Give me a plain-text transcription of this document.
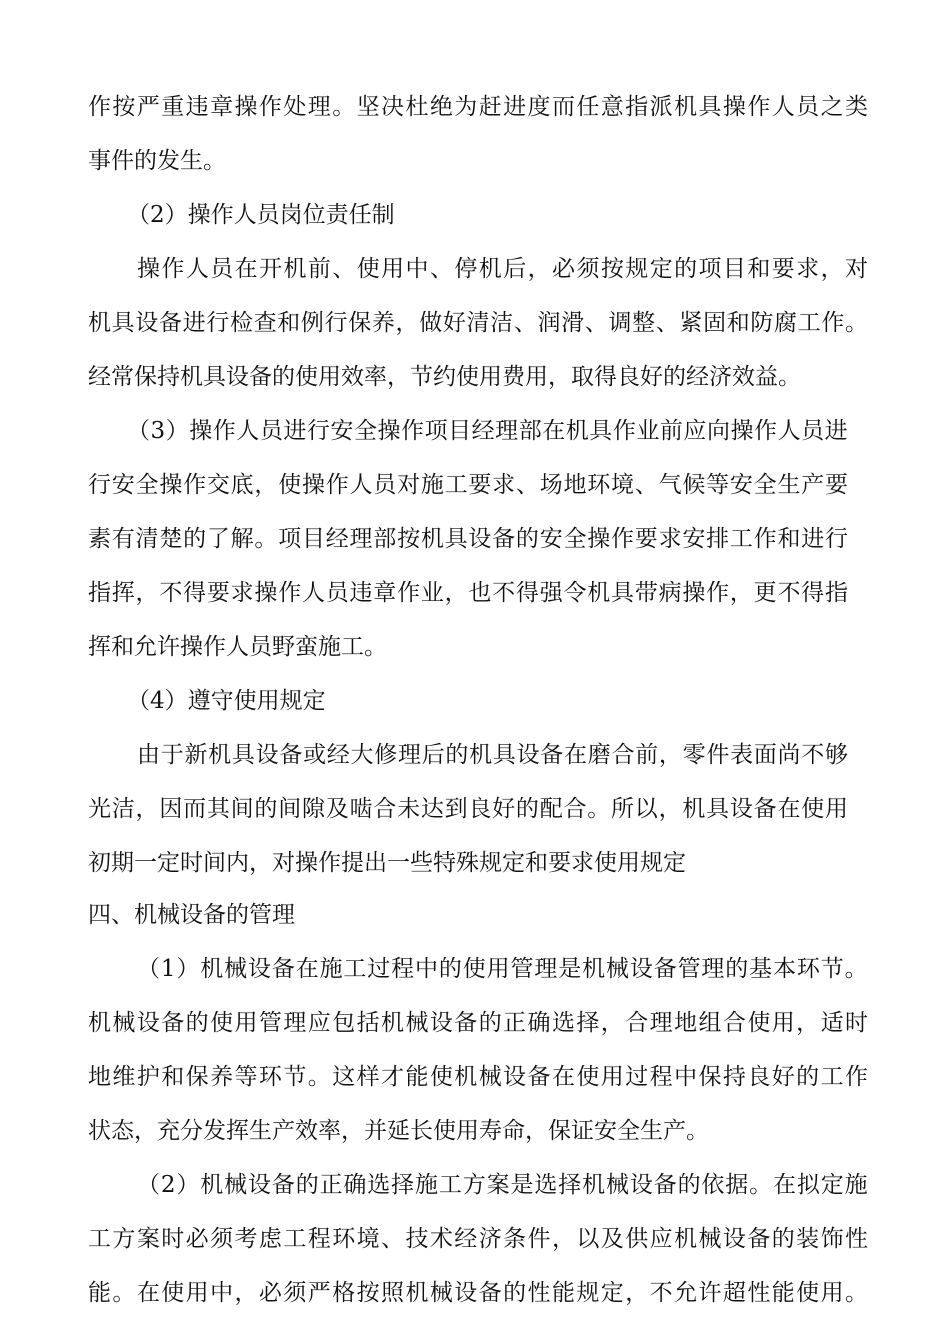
作按严重违章操作处理。坚决杜绝为赶进度而任意指派机具操作人员之类
事件的发生。
（2）操作人员岗位责任制
操作人员在开机前、使用中、停机后，必须按规定的项目和要求，对
机具设备进行检查和例行保养，做好清洁、润滑、调整、紧固和防腐工作。
经常保持机具设备的使用效率，节约使用费用，取得良好的经济效益。
（3）操作人员进行安全操作项目经理部在机具作业前应向操作人员进
行安全操作交底，使操作人员对施工要求、场地环境、气候等安全生产要
素有清楚的了解。项目经理部按机具设备的安全操作要求安排工作和进行
指挥，不得要求操作人员违章作业，也不得强令机具带病操作，更不得指
挥和允许操作人员野蛮施工。
（4）遵守使用规定
由于新机具设备或经大修理后的机具设备在磨合前，零件表面尚不够
光洁，因而其间的间隙及啮合未达到良好的配合。所以，机具设备在使用
初期一定时间内，对操作提出一些特殊规定和要求使用规定
四、机械设备的管理
（1）机械设备在施工过程中的使用管理是机械设备管理的基本环节。
机械设备的使用管理应包括机械设备的正确选择，合理地组合使用，适时
地维护和保养等环节。这样才能使机械设备在使用过程中保持良好的工作
状态，充分发挥生产效率，并延长使用寿命，保证安全生产。
（2）机械设备的正确选择施工方案是选择机械设备的依据。在拟定施
工方案时必须考虑工程环境、技术经济条件，以及供应机械设备的装饰性
能。在使用中，必须严格按照机械设备的性能规定，不允许超性能使用。
